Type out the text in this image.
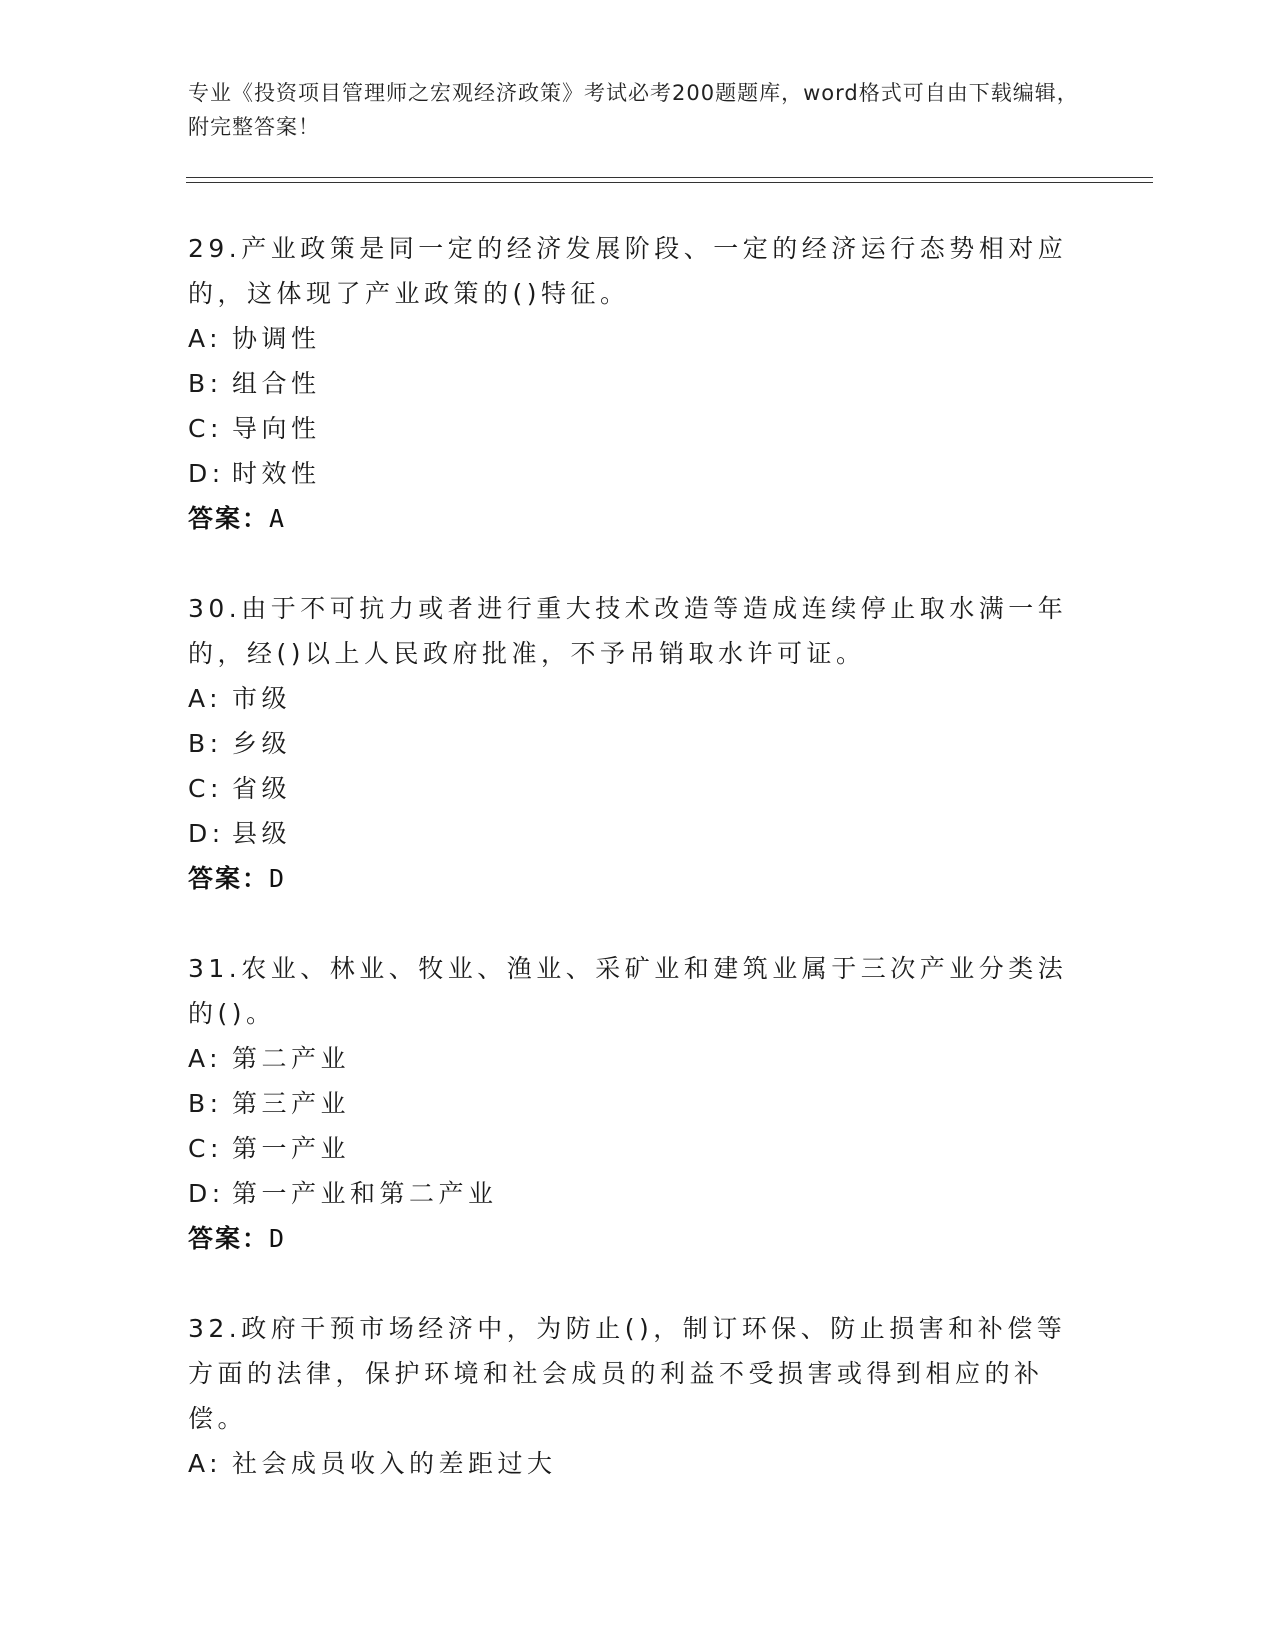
专业《投资项目管理师之宏观经济政策》考试必考200题题库，word格式可自由下载编辑，附完整答案！

29.产业政策是同一定的经济发展阶段、一定的经济运行态势相对应的，这体现了产业政策的()特征。

A: 协调性
B: 组合性
C: 导向性
D: 时效性
答案：A

30.由于不可抗力或者进行重大技术改造等造成连续停止取水满一年的，经()以上人民政府批准，不予吊销取水许可证。

A: 市级
B: 乡级
C: 省级
D: 县级
答案：D

31.农业、林业、牧业、渔业、采矿业和建筑业属于三次产业分类法的()。

A: 第二产业
B: 第三产业
C: 第一产业
D: 第一产业和第二产业
答案：D

32.政府干预市场经济中，为防止()，制订环保、防止损害和补偿等方面的法律，保护环境和社会成员的利益不受损害或得到相应的补偿。

A: 社会成员收入的差距过大
